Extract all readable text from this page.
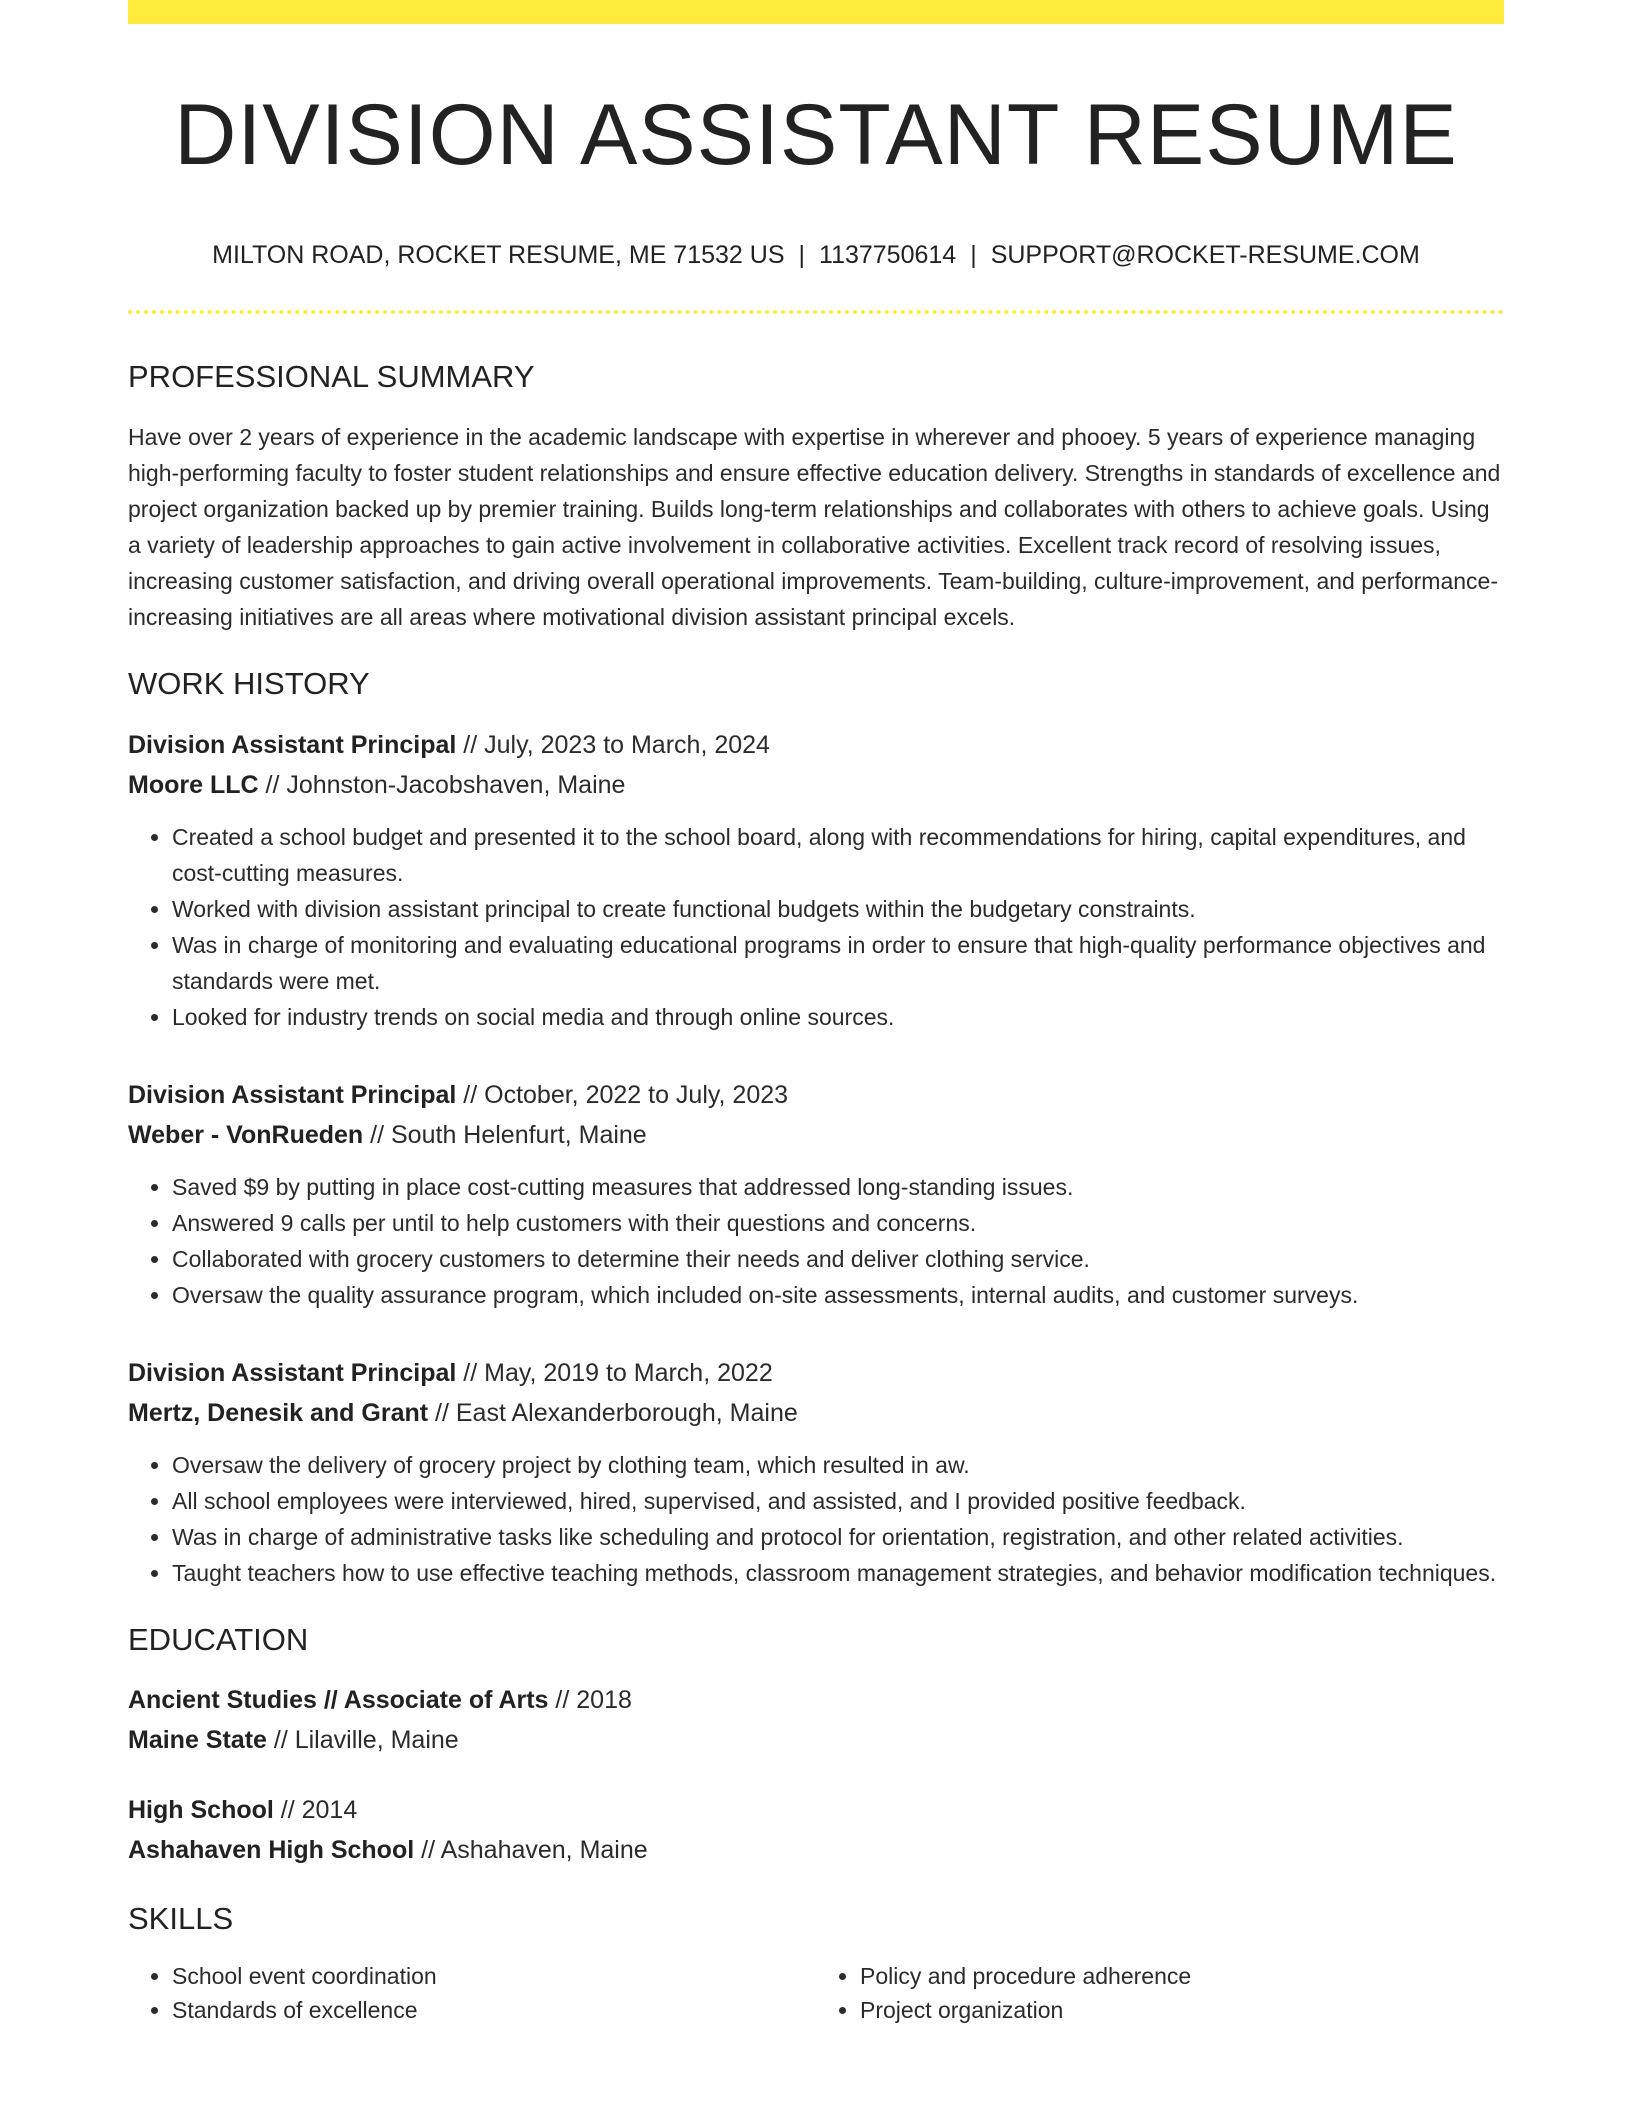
DIVISION ASSISTANT RESUME
MILTON ROAD, ROCKET RESUME, ME 71532 US | 1137750614 | SUPPORT@ROCKET-RESUME.COM
PROFESSIONAL SUMMARY
Have over 2 years of experience in the academic landscape with expertise in wherever and phooey. 5 years of experience managing high-performing faculty to foster student relationships and ensure effective education delivery. Strengths in standards of excellence and project organization backed up by premier training. Builds long-term relationships and collaborates with others to achieve goals. Using a variety of leadership approaches to gain active involvement in collaborative activities. Excellent track record of resolving issues, increasing customer satisfaction, and driving overall operational improvements. Team-building, culture-improvement, and performance-increasing initiatives are all areas where motivational division assistant principal excels.
WORK HISTORY
Division Assistant Principal // July, 2023 to March, 2024
Moore LLC // Johnston-Jacobshaven, Maine
• Created a school budget and presented it to the school board, along with recommendations for hiring, capital expenditures, and cost-cutting measures.
• Worked with division assistant principal to create functional budgets within the budgetary constraints.
• Was in charge of monitoring and evaluating educational programs in order to ensure that high-quality performance objectives and standards were met.
• Looked for industry trends on social media and through online sources.
Division Assistant Principal // October, 2022 to July, 2023
Weber - VonRueden // South Helenfurt, Maine
• Saved $9 by putting in place cost-cutting measures that addressed long-standing issues.
• Answered 9 calls per until to help customers with their questions and concerns.
• Collaborated with grocery customers to determine their needs and deliver clothing service.
• Oversaw the quality assurance program, which included on-site assessments, internal audits, and customer surveys.
Division Assistant Principal // May, 2019 to March, 2022
Mertz, Denesik and Grant // East Alexanderborough, Maine
• Oversaw the delivery of grocery project by clothing team, which resulted in aw.
• All school employees were interviewed, hired, supervised, and assisted, and I provided positive feedback.
• Was in charge of administrative tasks like scheduling and protocol for orientation, registration, and other related activities.
• Taught teachers how to use effective teaching methods, classroom management strategies, and behavior modification techniques.
EDUCATION
Ancient Studies // Associate of Arts // 2018
Maine State // Lilaville, Maine
High School // 2014
Ashahaven High School // Ashahaven, Maine
SKILLS
• School event coordination
• Standards of excellence
• Policy and procedure adherence
• Project organization
